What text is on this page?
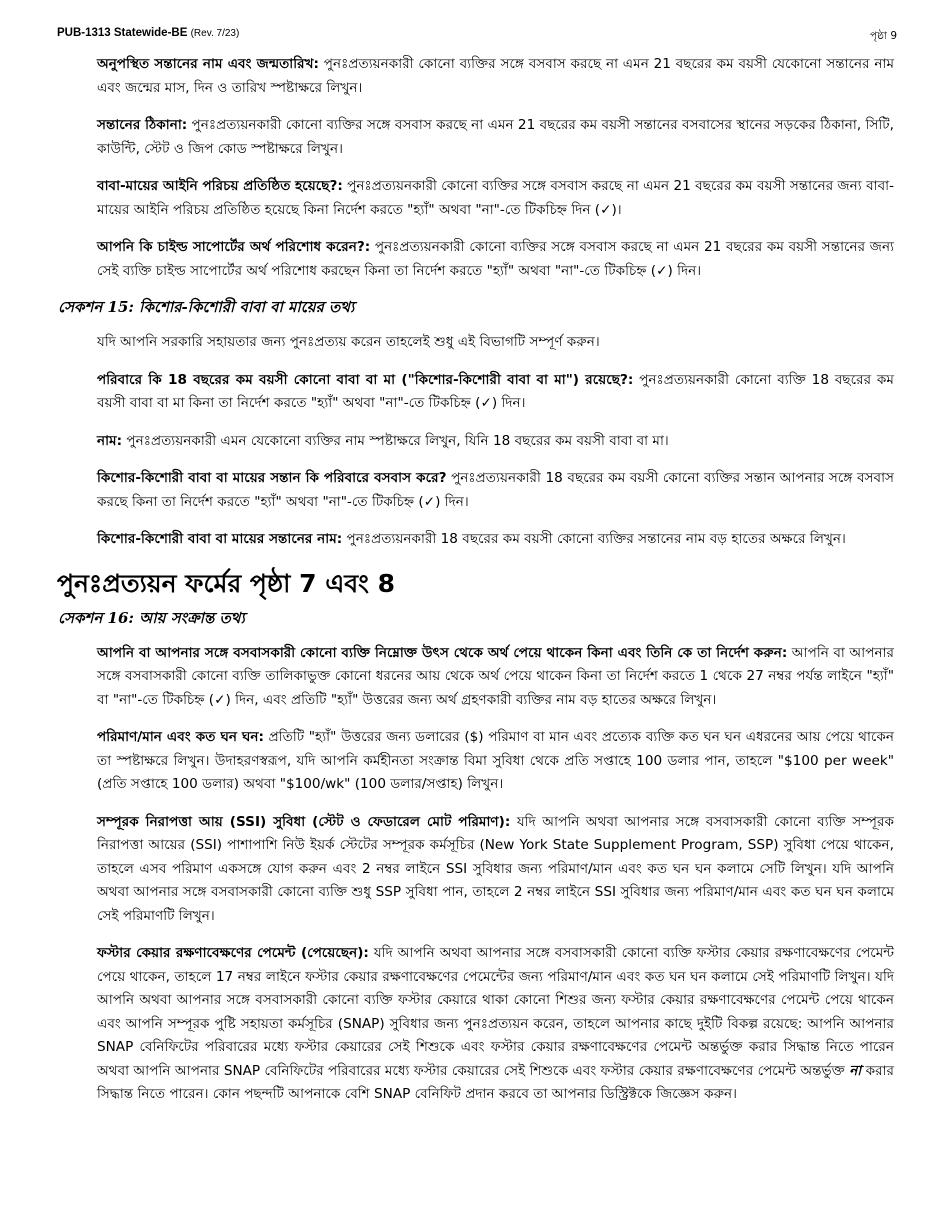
PUB-1313 Statewide-BE (Rev. 7/23)	পৃষ্ঠা 9

অনুপস্থিত সন্তানের নাম এবং জন্মতারিখ: পুনঃপ্রত্যয়নকারী কোনো ব্যক্তির সঙ্গে বসবাস করছে না এমন 21 বছরের কম বয়সী যেকোনো সন্তানের নাম এবং জন্মের মাস, দিন ও তারিখ স্পষ্টাক্ষরে লিখুন।

সন্তানের ঠিকানা: পুনঃপ্রত্যয়নকারী কোনো ব্যক্তির সঙ্গে বসবাস করছে না এমন 21 বছরের কম বয়সী সন্তানের বসবাসের স্থানের সড়কের ঠিকানা, সিটি, কাউন্টি, স্টেট ও জিপ কোড স্পষ্টাক্ষরে লিখুন।

বাবা-মায়ের আইনি পরিচয় প্রতিষ্ঠিত হয়েছে?: পুনঃপ্রত্যয়নকারী কোনো ব্যক্তির সঙ্গে বসবাস করছে না এমন 21 বছরের কম বয়সী সন্তানের জন্য বাবা-মায়ের আইনি পরিচয় প্রতিষ্ঠিত হয়েছে কিনা নির্দেশ করতে "হ্যাঁ" অথবা "না"-তে টিকচিহ্ন দিন (✓)।

আপনি কি চাইল্ড সাপোর্টের অর্থ পরিশোধ করেন?: পুনঃপ্রত্যয়নকারী কোনো ব্যক্তির সঙ্গে বসবাস করছে না এমন 21 বছরের কম বয়সী সন্তানের জন্য সেই ব্যক্তি চাইল্ড সাপোর্টের অর্থ পরিশোধ করছেন কিনা তা নির্দেশ করতে "হ্যাঁ" অথবা "না"-তে টিকচিহ্ন (✓) দিন।

সেকশন 15: কিশোর-কিশোরী বাবা বা মায়ের তথ্য

যদি আপনি সরকারি সহায়তার জন্য পুনঃপ্রত্যয় করেন তাহলেই শুধু এই বিভাগটি সম্পূর্ণ করুন।

পরিবারে কি 18 বছরের কম বয়সী কোনো বাবা বা মা ("কিশোর-কিশোরী বাবা বা মা") রয়েছে?: পুনঃপ্রত্যয়নকারী কোনো ব্যক্তি 18 বছরের কম বয়সী বাবা বা মা কিনা তা নির্দেশ করতে "হ্যাঁ" অথবা "না"-তে টিকচিহ্ন (✓) দিন।

নাম: পুনঃপ্রত্যয়নকারী এমন যেকোনো ব্যক্তির নাম স্পষ্টাক্ষরে লিখুন, যিনি 18 বছরের কম বয়সী বাবা বা মা।

কিশোর-কিশোরী বাবা বা মায়ের সন্তান কি পরিবারে বসবাস করে? পুনঃপ্রত্যয়নকারী 18 বছরের কম বয়সী কোনো ব্যক্তির সন্তান আপনার সঙ্গে বসবাস করছে কিনা তা নির্দেশ করতে "হ্যাঁ" অথবা "না"-তে টিকচিহ্ন (✓) দিন।

কিশোর-কিশোরী বাবা বা মায়ের সন্তানের নাম: পুনঃপ্রত্যয়নকারী 18 বছরের কম বয়সী কোনো ব্যক্তির সন্তানের নাম বড় হাতের অক্ষরে লিখুন।

পুনঃপ্রত্যয়ন ফর্মের পৃষ্ঠা 7 এবং 8

সেকশন 16: আয় সংক্রান্ত তথ্য

আপনি বা আপনার সঙ্গে বসবাসকারী কোনো ব্যক্তি নিম্নোক্ত উৎস থেকে অর্থ পেয়ে থাকেন কিনা এবং তিনি কে তা নির্দেশ করুন: আপনি বা আপনার সঙ্গে বসবাসকারী কোনো ব্যক্তি তালিকাভুক্ত কোনো ধরনের আয় থেকে অর্থ পেয়ে থাকেন কিনা তা নির্দেশ করতে 1 থেকে 27 নম্বর পর্যন্ত লাইনে "হ্যাঁ" বা "না"-তে টিকচিহ্ন (✓) দিন, এবং প্রতিটি "হ্যাঁ" উত্তরের জন্য অর্থ গ্রহণকারী ব্যক্তির নাম বড় হাতের অক্ষরে লিখুন।

পরিমাণ/মান এবং কত ঘন ঘন: প্রতিটি "হ্যাঁ" উত্তরের জন্য ডলারের ($) পরিমাণ বা মান এবং প্রত্যেক ব্যক্তি কত ঘন ঘন এধরনের আয় পেয়ে থাকেন তা স্পষ্টাক্ষরে লিখুন। উদাহরণস্বরূপ, যদি আপনি কর্মহীনতা সংক্রান্ত বিমা সুবিধা থেকে প্রতি সপ্তাহে 100 ডলার পান, তাহলে "$100 per week" (প্রতি সপ্তাহে 100 ডলার) অথবা "$100/wk" (100 ডলার/সপ্তাহ) লিখুন।

সম্পূরক নিরাপত্তা আয় (SSI) সুবিধা (স্টেট ও ফেডারেল মোট পরিমাণ): যদি আপনি অথবা আপনার সঙ্গে বসবাসকারী কোনো ব্যক্তি সম্পূরক নিরাপত্তা আয়ের (SSI) পাশাপাশি নিউ ইয়র্ক স্টেটের সম্পূরক কর্মসূচির (New York State Supplement Program, SSP) সুবিধা পেয়ে থাকেন, তাহলে এসব পরিমাণ একসঙ্গে যোগ করুন এবং 2 নম্বর লাইনে SSI সুবিধার জন্য পরিমাণ/মান এবং কত ঘন ঘন কলামে সেটি লিখুন। যদি আপনি অথবা আপনার সঙ্গে বসবাসকারী কোনো ব্যক্তি শুধু SSP সুবিধা পান, তাহলে 2 নম্বর লাইনে SSI সুবিধার জন্য পরিমাণ/মান এবং কত ঘন ঘন কলামে সেই পরিমাণটি লিখুন।

ফস্টার কেয়ার রক্ষণাবেক্ষণের পেমেন্ট (পেয়েছেন): যদি আপনি অথবা আপনার সঙ্গে বসবাসকারী কোনো ব্যক্তি ফস্টার কেয়ার রক্ষণাবেক্ষণের পেমেন্ট পেয়ে থাকেন, তাহলে 17 নম্বর লাইনে ফস্টার কেয়ার রক্ষণাবেক্ষণের পেমেন্টের জন্য পরিমাণ/মান এবং কত ঘন ঘন কলামে সেই পরিমাণটি লিখুন। যদি আপনি অথবা আপনার সঙ্গে বসবাসকারী কোনো ব্যক্তি ফস্টার কেয়ারে থাকা কোনো শিশুর জন্য ফস্টার কেয়ার রক্ষণাবেক্ষণের পেমেন্ট পেয়ে থাকেন এবং আপনি সম্পূরক পুষ্টি সহায়তা কর্মসূচির (SNAP) সুবিধার জন্য পুনঃপ্রত্যয়ন করেন, তাহলে আপনার কাছে দুইটি বিকল্প রয়েছে: আপনি আপনার SNAP বেনিফিটের পরিবারের মধ্যে ফস্টার কেয়ারের সেই শিশুকে এবং ফস্টার কেয়ার রক্ষণাবেক্ষণের পেমেন্ট অন্তর্ভুক্ত করার সিদ্ধান্ত নিতে পারেন অথবা আপনি আপনার SNAP বেনিফিটের পরিবারের মধ্যে ফস্টার কেয়ারের সেই শিশুকে এবং ফস্টার কেয়ার রক্ষণাবেক্ষণের পেমেন্ট অন্তর্ভুক্ত না করার সিদ্ধান্ত নিতে পারেন। কোন পছন্দটি আপনাকে বেশি SNAP বেনিফিট প্রদান করবে তা আপনার ডিস্ট্রিক্টকে জিজ্ঞেস করুন।
